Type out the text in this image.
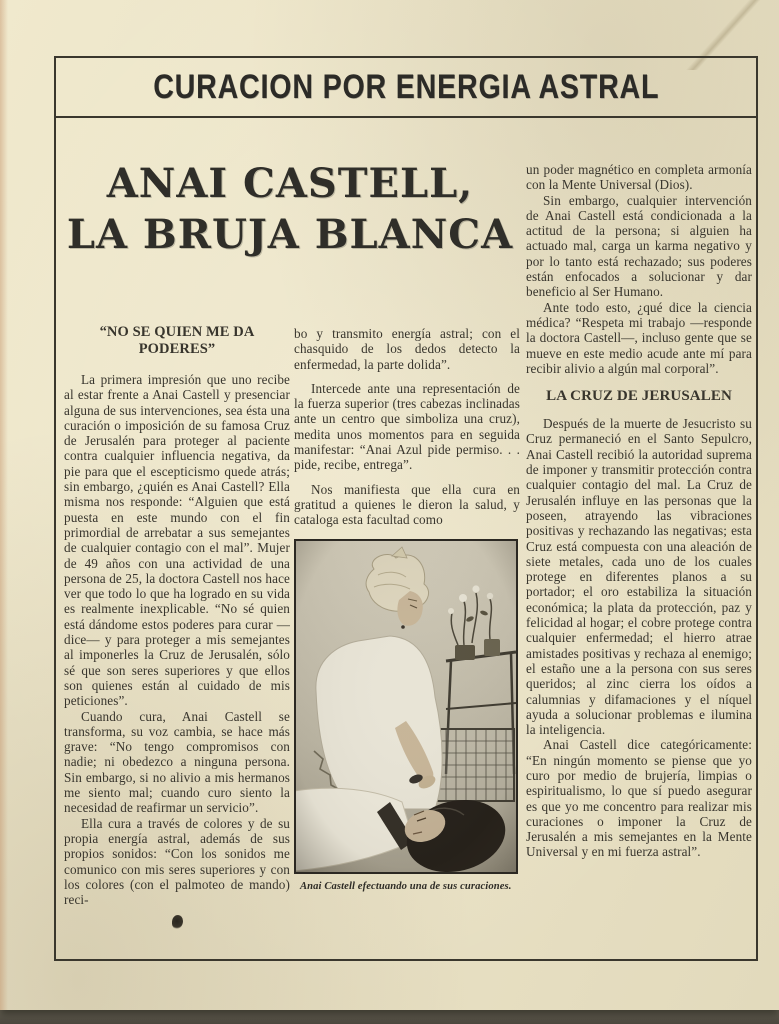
CURACION POR ENERGIA ASTRAL
ANAI CASTELL,
LA BRUJA BLANCA
“NO SE QUIEN ME DA
PODERES”

La primera impresión que uno recibe al estar frente a Anai Castell y presenciar alguna de sus intervenciones, sea ésta una curación o imposición de su famosa Cruz de Jerusalén para proteger al paciente contra cualquier influencia negativa, da pie para que el escepticismo quede atrás; sin embargo, ¿quién es Anai Castell? Ella misma nos responde: “Alguien que está puesta en este mundo con el fin primordial de arrebatar a sus semejantes de cualquier contagio con el mal”. Mujer de 49 años con una actividad de una persona de 25, la doctora Castell nos hace ver que todo lo que ha logrado en su vida es realmente inexplicable. “No sé quien está dándome estos poderes para curar —dice— y para proteger a mis semejantes al imponerles la Cruz de Jerusalén, sólo sé que son seres superiores y que ellos son quienes están al cuidado de mis peticiones”.

Cuando cura, Anai Castell se transforma, su voz cambia, se hace más grave: “No tengo compromisos con nadie; ni obedezco a ninguna persona. Sin embargo, si no alivio a mis hermanos me siento mal; cuando curo siento la necesidad de reafirmar un servicio”.

Ella cura a través de colores y de su propia energía astral, además de sus propios sonidos: “Con los sonidos me comunico con mis seres superiores y con los colores (con el palmoteo de mando) reci-

bo y transmito energía astral; con el chasquido de los dedos detecto la enfermedad, la parte dolida”.

Intercede ante una representación de la fuerza superior (tres cabezas inclinadas ante un centro que simboliza una cruz), medita unos momentos para en seguida manifestar: “Anai Azul pide permiso. . . pide, recibe, entrega”.

Nos manifiesta que ella cura en gratitud a quienes le dieron la salud, y cataloga esta facultad como

Anai Castell efectuando una de sus curaciones.

un poder magnético en completa armonía con la Mente Universal (Dios).

Sin embargo, cualquier intervención de Anai Castell está condicionada a la actitud de la persona; si alguien ha actuado mal, carga un karma negativo y por lo tanto está rechazado; sus poderes están enfocados a solucionar y dar beneficio al Ser Humano.

Ante todo esto, ¿qué dice la ciencia médica? “Respeta mi trabajo —responde la doctora Castell—, incluso gente que se mueve en este medio acude ante mí para recibir alivio a algún mal corporal”.

LA CRUZ DE JERUSALEN

Después de la muerte de Jesucristo su Cruz permaneció en el Santo Sepulcro, Anai Castell recibió la autoridad suprema de imponer y transmitir protección contra cualquier contagio del mal. La Cruz de Jerusalén influye en las personas que la poseen, atrayendo las vibraciones positivas y rechazando las negativas; esta Cruz está compuesta con una aleación de siete metales, cada uno de los cuales protege en diferentes planos a su portador; el oro estabiliza la situación económica; la plata da protección, paz y felicidad al hogar; el cobre protege contra cualquier enfermedad; el hierro atrae amistades positivas y rechaza al enemigo; el estaño une a la persona con sus seres queridos; al zinc cierra los oídos a calumnias y difamaciones y el níquel ayuda a solucionar problemas e ilumina la inteligencia.

Anai Castell dice categóricamente: “En ningún momento se piense que yo curo por medio de brujería, limpias o espiritualismo, lo que sí puedo asegurar es que yo me concentro para realizar mis curaciones o imponer la Cruz de Jerusalén a mis semejantes en la Mente Universal y en mi fuerza astral”.
